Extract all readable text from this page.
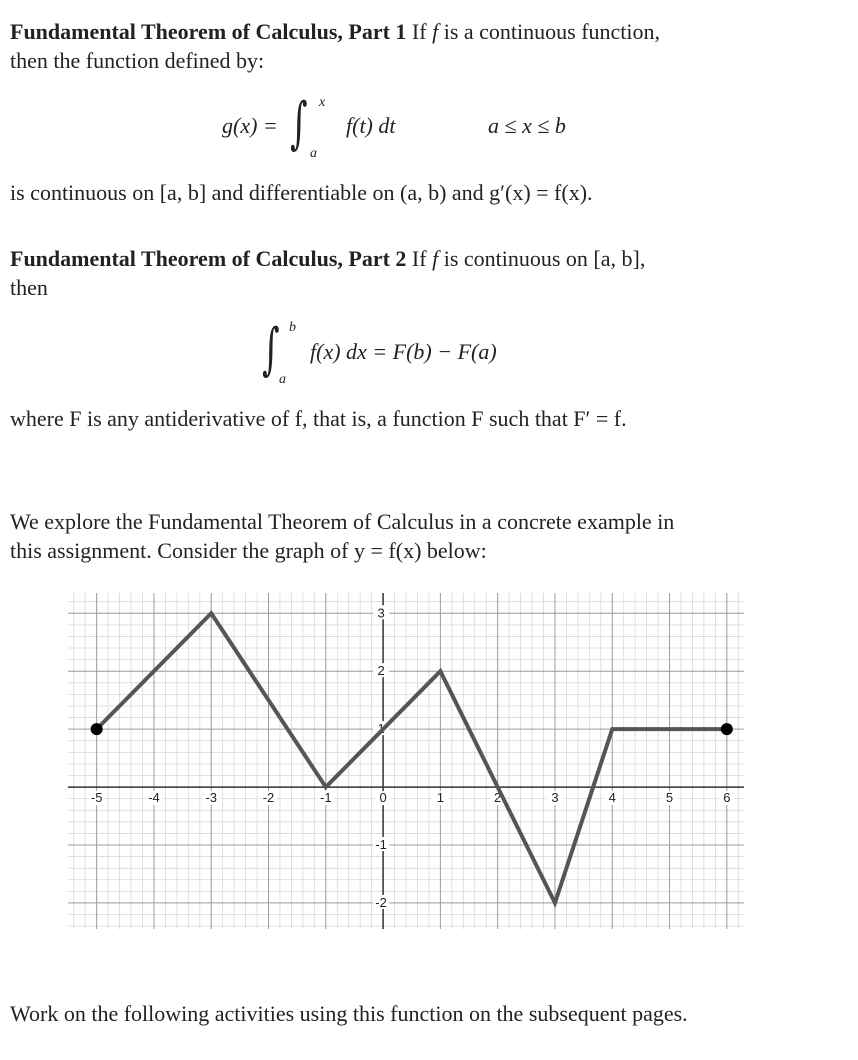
Fundamental Theorem of Calculus, Part 1 If f is a continuous function,
then the function defined by:
g(x) = ∫ x
a
f(t) dt	a ≤ x ≤ b
is continuous on [a, b] and differentiable on (a, b) and g′(x) = f(x).
Fundamental Theorem of Calculus, Part 2 If f is continuous on [a, b],
then
∫ b
a
f(x) dx = F(b) − F(a)
where F is any antiderivative of f, that is, a function F such that F′ = f.
We explore the Fundamental Theorem of Calculus in a concrete example in
this assignment. Consider the graph of y = f(x) below:
-5	-4	-3	-2	-1	0	1	2	3	4	5	6
-2
-1
1
2
3
Work on the following activities using this function on the subsequent pages.
